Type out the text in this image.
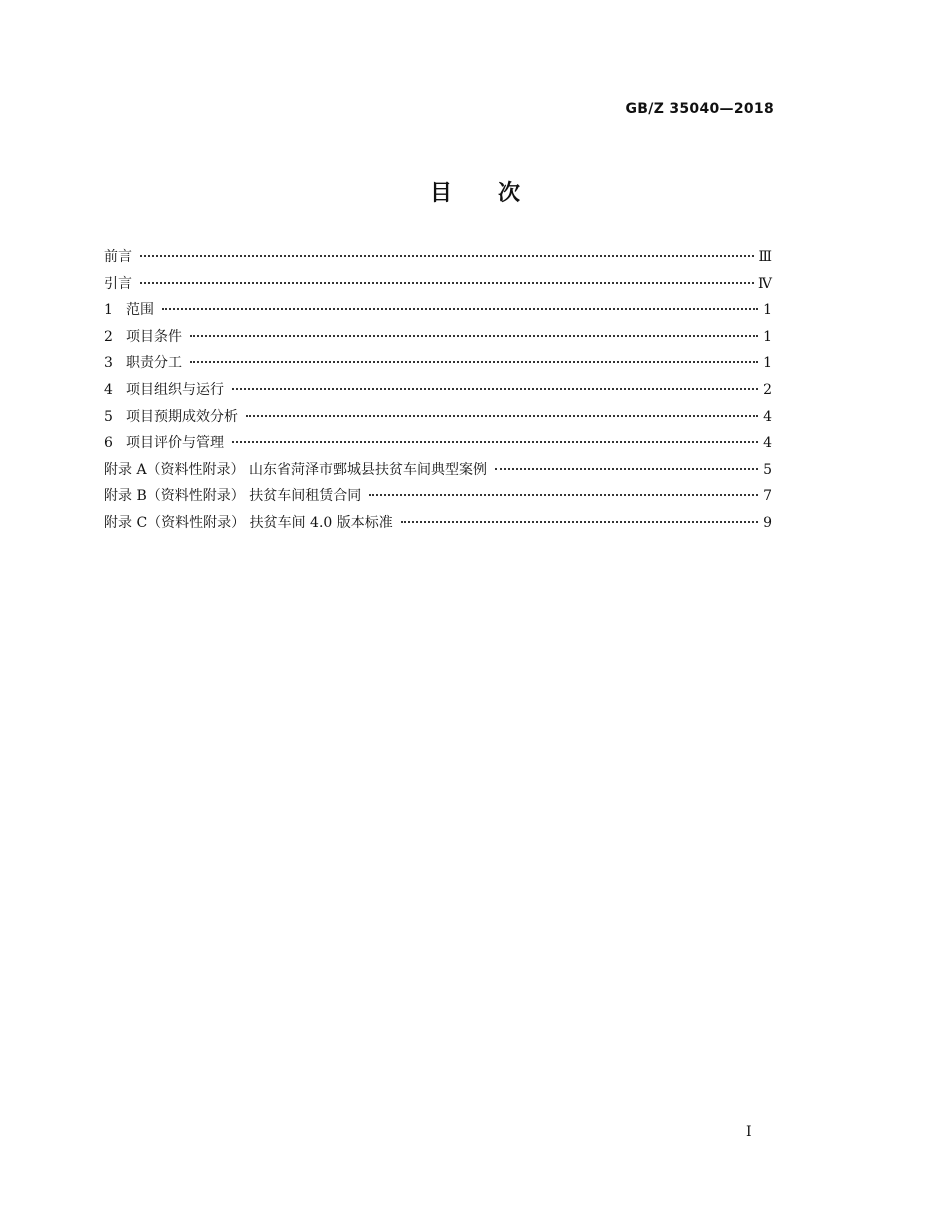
GB/Z 35040—2018
目 次
前言	Ⅲ
引言	Ⅳ
1 范围	1
2 项目条件	1
3 职责分工	1
4 项目组织与运行	2
5 项目预期成效分析	4
6 项目评价与管理	4
附录 A（资料性附录） 山东省菏泽市鄄城县扶贫车间典型案例	5
附录 B（资料性附录） 扶贫车间租赁合同	7
附录 C（资料性附录） 扶贫车间 4.0 版本标准	9
Ⅰ
